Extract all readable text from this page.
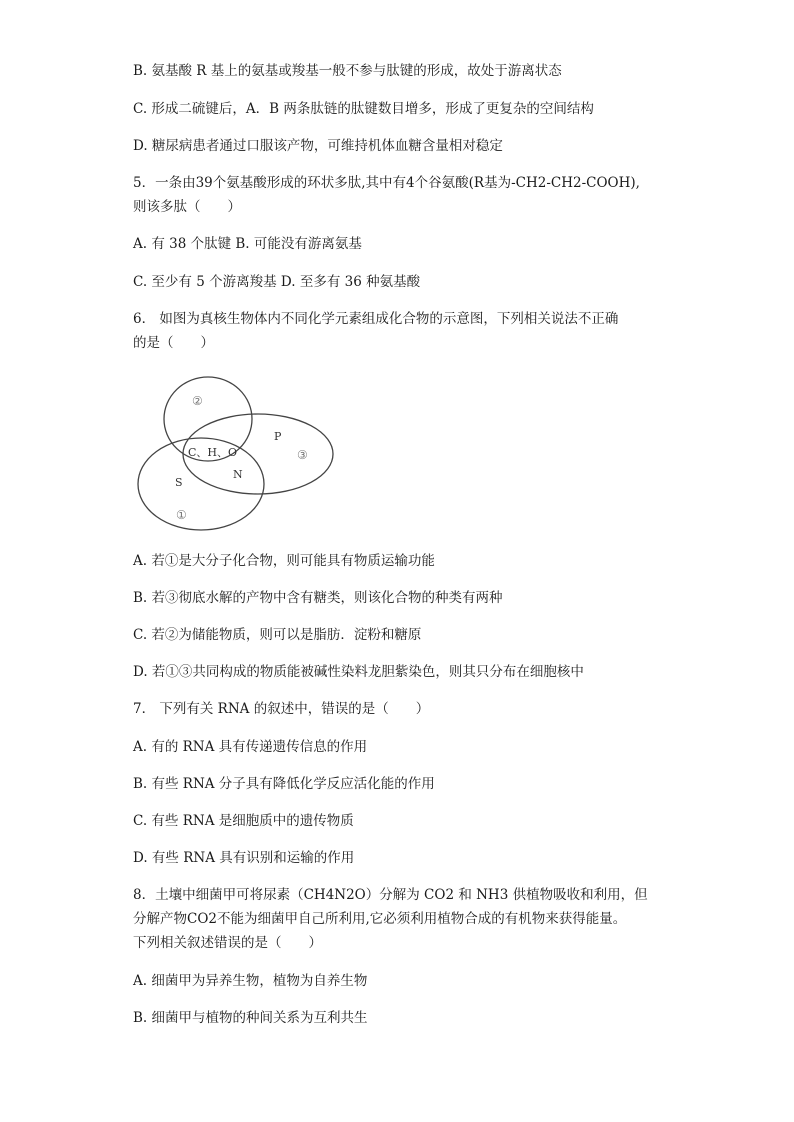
B. 氨基酸 R 基上的氨基或羧基一般不参与肽键的形成，故处于游离状态
C. 形成二硫键后，A．B 两条肽链的肽键数目增多，形成了更复杂的空间结构
D. 糖尿病患者通过口服该产物，可维持机体血糖含量相对稳定
5．一条由39个氨基酸形成的环状多肽,其中有4个谷氨酸(R基为-CH2-CH2-COOH),
则该多肽（　　）
A. 有 38 个肽键 B. 可能没有游离氨基
C. 至少有 5 个游离羧基 D. 至多有 36 种氨基酸
6． 如图为真核生物体内不同化学元素组成化合物的示意图，下列相关说法不正确
的是（　　）
C、H、O
N
P
S
②
③
①
A. 若①是大分子化合物，则可能具有物质运输功能
B. 若③彻底水解的产物中含有糖类，则该化合物的种类有两种
C. 若②为储能物质，则可以是脂肪．淀粉和糖原
D. 若①③共同构成的物质能被碱性染料龙胆紫染色，则其只分布在细胞核中
7． 下列有关 RNA 的叙述中，错误的是（　　）
A. 有的 RNA 具有传递遗传信息的作用
B. 有些 RNA 分子具有降低化学反应活化能的作用
C. 有些 RNA 是细胞质中的遗传物质
D. 有些 RNA 具有识别和运输的作用
8．土壤中细菌甲可将尿素（CH4N2O）分解为 CO2 和 NH3 供植物吸收和利用，但
分解产物CO2不能为细菌甲自己所利用,它必须利用植物合成的有机物来获得能量。
下列相关叙述错误的是（　　）
A. 细菌甲为异养生物，植物为自养生物
B. 细菌甲与植物的种间关系为互利共生
